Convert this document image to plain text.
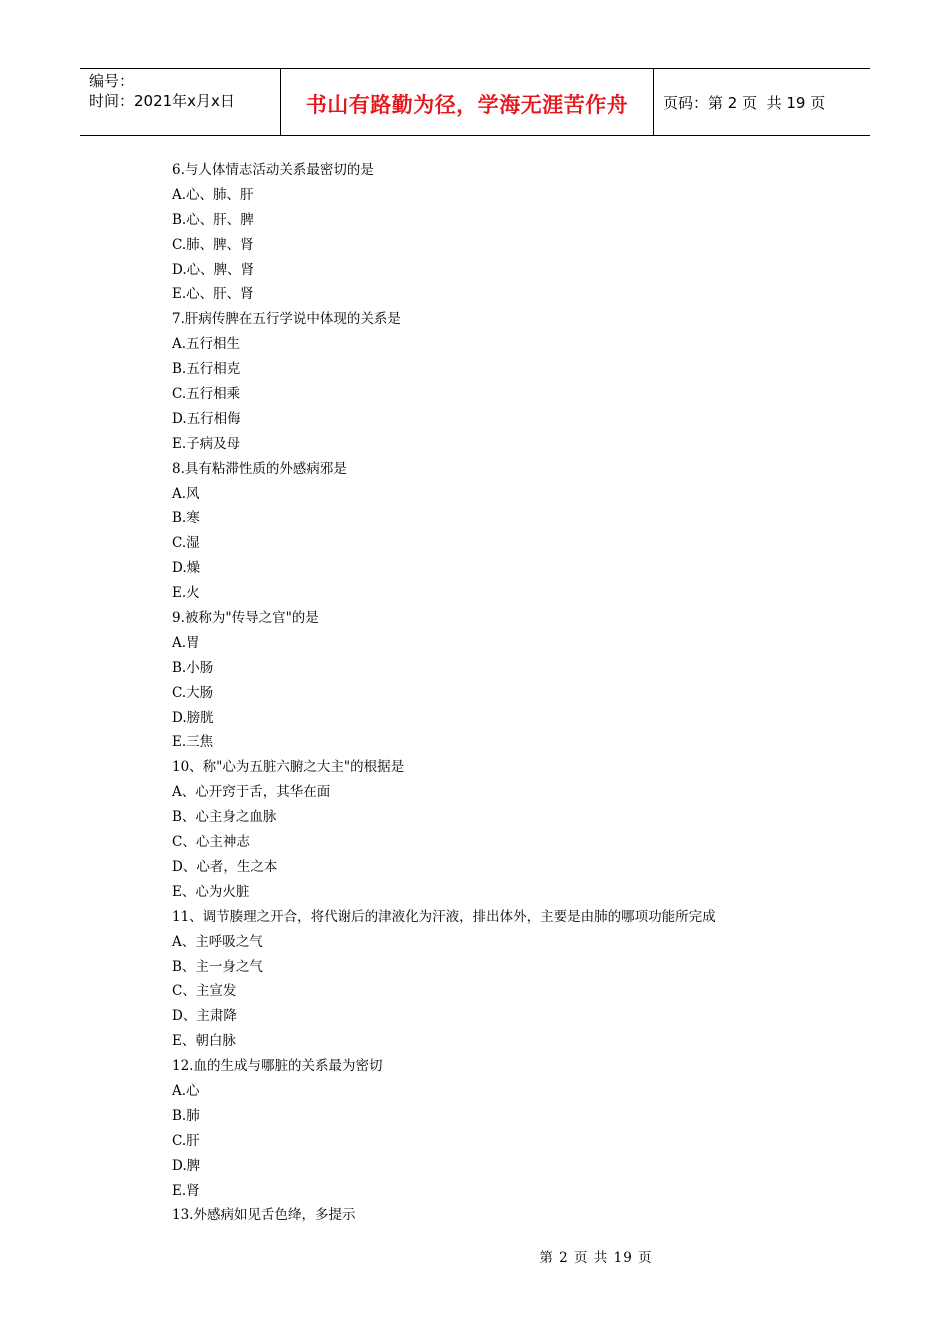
编号：
时间：2021年x月x日	书山有路勤为径，学海无涯苦作舟 页码：第 2 页  共 19 页
6.与人体情志活动关系最密切的是
A.心、肺、肝
B.心、肝、脾
C.肺、脾、肾
D.心、脾、肾
E.心、肝、肾
7.肝病传脾在五行学说中体现的关系是
A.五行相生
B.五行相克
C.五行相乘
D.五行相侮
E.子病及母
8.具有粘滞性质的外感病邪是
A.风
B.寒
C.湿
D.燥
E.火
9.被称为"传导之官"的是
A.胃
B.小肠
C.大肠
D.膀胱
E.三焦
10、称"心为五脏六腑之大主"的根据是
A、心开窍于舌，其华在面
B、心主身之血脉
C、心主神志
D、心者，生之本
E、心为火脏
11、调节腠理之开合，将代谢后的津液化为汗液，排出体外，主要是由肺的哪项功能所完成
A、主呼吸之气
B、主一身之气
C、主宣发
D、主肃降
E、朝白脉
12.血的生成与哪脏的关系最为密切
A.心
B.肺
C.肝
D.脾
E.肾
13.外感病如见舌色绛，多提示
第 2 页 共 19 页
